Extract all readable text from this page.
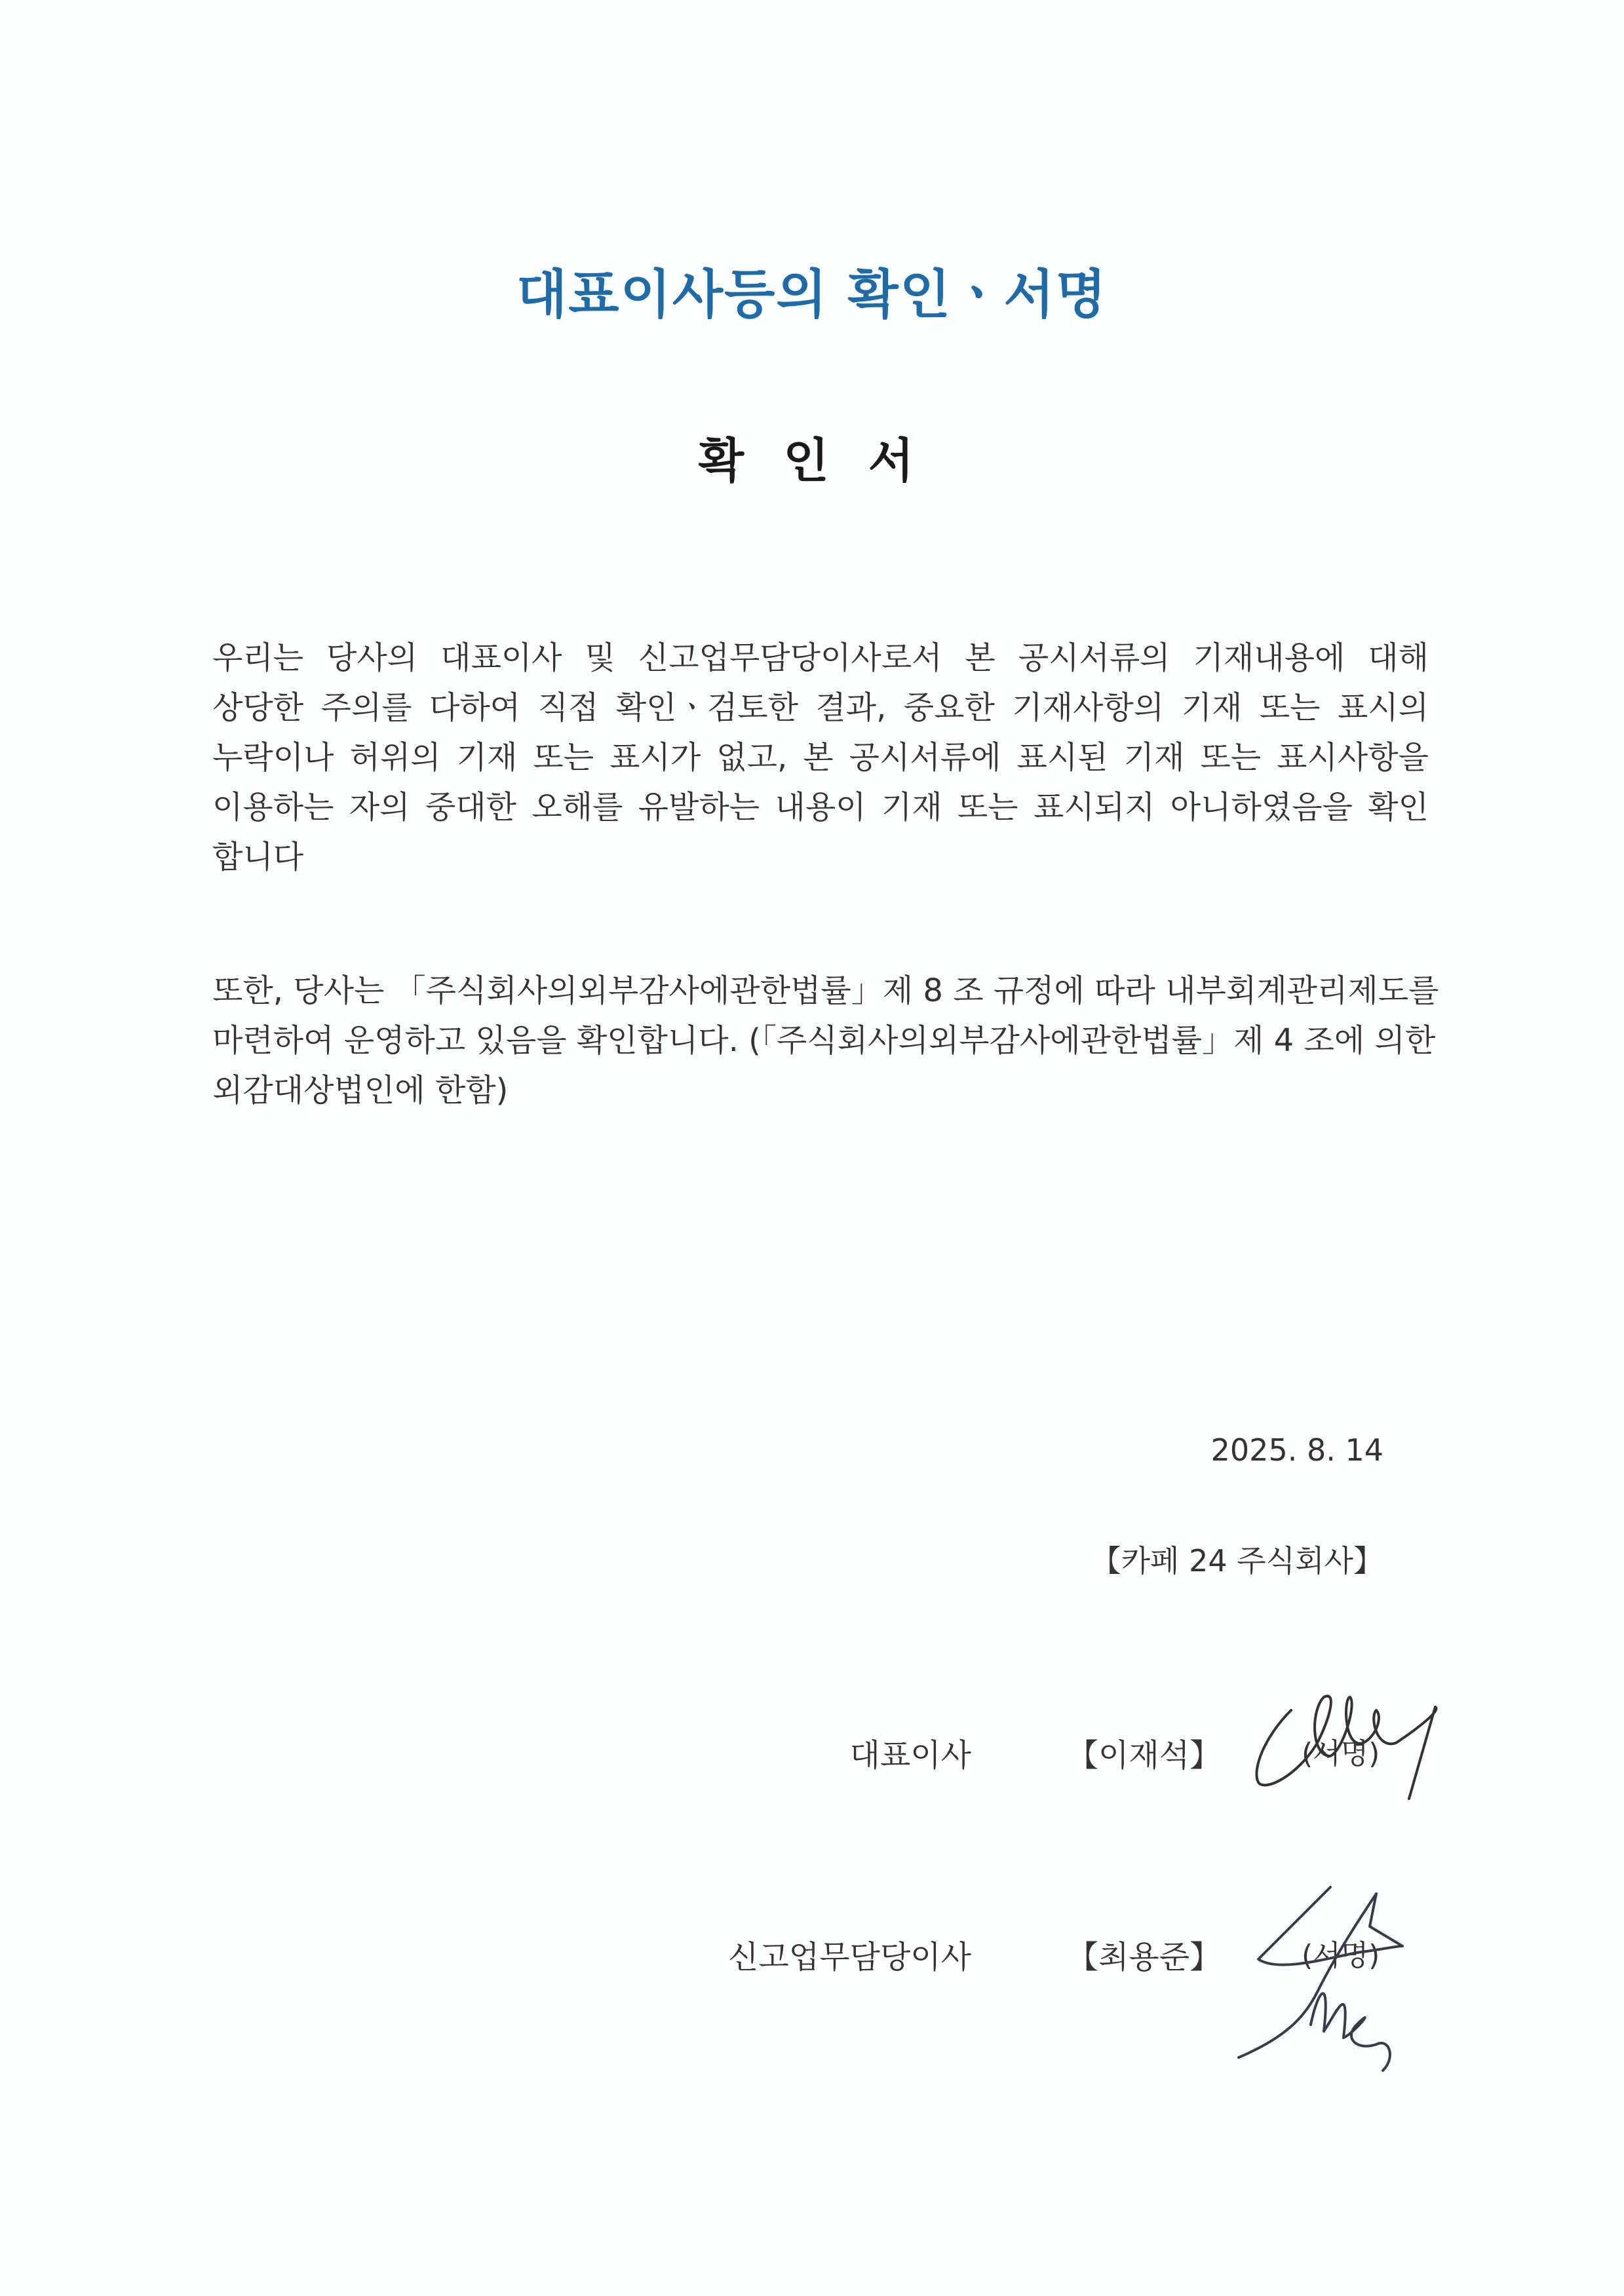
대표이사등의 확인ㆍ서명
확인서
우리는 당사의 대표이사 및 신고업무담당이사로서 본 공시서류의 기재내용에 대해
상당한 주의를 다하여 직접 확인ㆍ검토한 결과, 중요한 기재사항의 기재 또는 표시의
누락이나 허위의 기재 또는 표시가 없고, 본 공시서류에 표시된 기재 또는 표시사항을
이용하는 자의 중대한 오해를 유발하는 내용이 기재 또는 표시되지 아니하였음을 확인
합니다
또한, 당사는 「주식회사의외부감사에관한법률」제 8 조 규정에 따라 내부회계관리제도를
마련하여 운영하고 있음을 확인합니다. (「주식회사의외부감사에관한법률」제 4 조에 의한
외감대상법인에 한함)
2025. 8. 14
【카페 24 주식회사】
대표이사	【이재석】	(서명)
신고업무담당이사	【최용준】	(서명)
